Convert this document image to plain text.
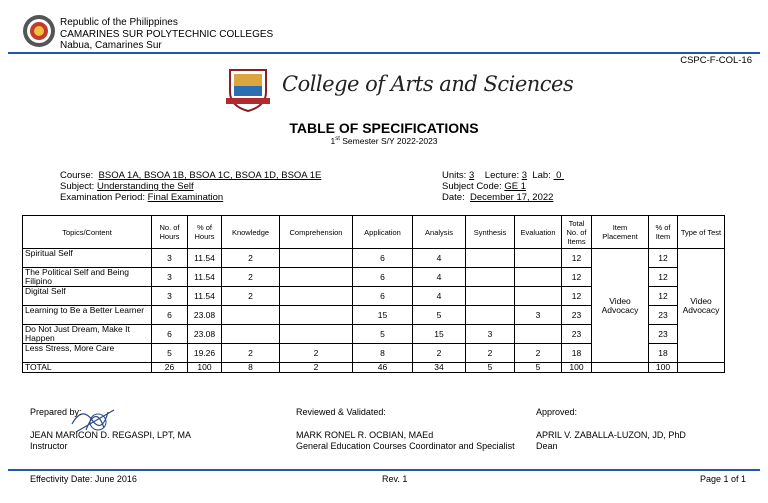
Republic of the Philippines
CAMARINES SUR POLYTECHNIC COLLEGES
Nabua, Camarines Sur
CSPC-F-COL-16
College of Arts and Sciences
TABLE OF SPECIFICATIONS
1st Semester S/Y 2022-2023
Course: BSOA 1A, BSOA 1B, BSOA 1C, BSOA 1D, BSOA 1E
Subject: Understanding the Self
Examination Period: Final Examination
Units: 3 Lecture: 3 Lab: 0
Subject Code: GE 1
Date: December 17, 2022
Topics/Content	No. of Hours	% of Hours	Knowledge	Comprehension	Application	Analysis	Synthesis	Evaluation	Total No. of Items	Item Placement	% of Item	Type of Test
Spiritual Self	3	11.54	2		6	4			12	Video Advocacy	12	Video Advocacy
The Political Self and Being Filipino	3	11.54	2		6	4			12		12	
Digital Self	3	11.54	2		6	4			12		12	
Learning to Be a Better Learner	6	23.08			15	5		3	23		23	
Do Not Just Dream, Make It Happen	6	23.08			5	15	3		23		23	
Less Stress, More Care	5	19.26	2	2	8	2	2	2	18		18	
TOTAL	26	100	8	2	46	34	5	5	100		100	
Prepared by:
JEAN MARICON D. REGASPI, LPT, MA
Instructor
Reviewed & Validated:
MARK RONEL R. OCBIAN, MAEd
General Education Courses Coordinator and Specialist
Approved:
APRIL V. ZABALLA-LUZON, JD, PhD
Dean
Effectivity Date: June 2016	Rev. 1	Page 1 of 1
